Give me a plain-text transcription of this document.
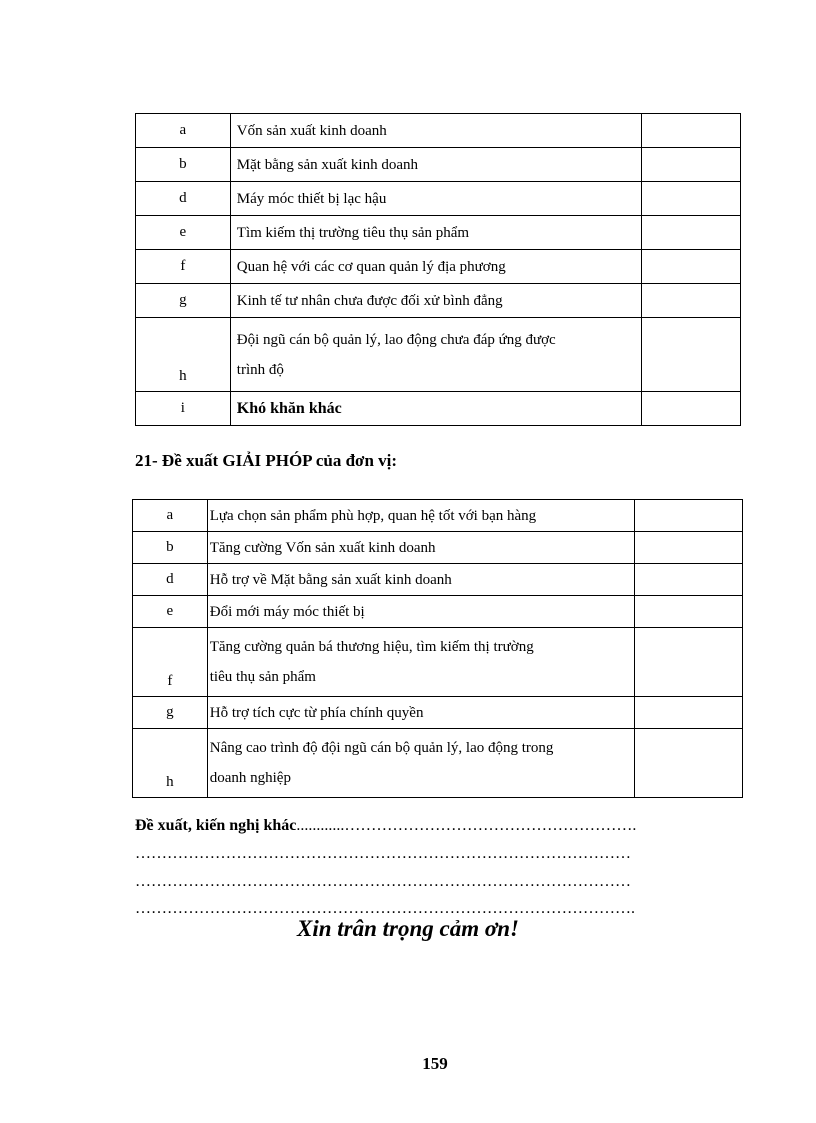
a	Vốn sản xuất kinh doanh	
b	Mặt bằng sản xuất kinh doanh	
d	Máy móc thiết bị lạc hậu	
e	Tìm kiếm thị trường tiêu thụ sản phẩm	
f	Quan hệ với các cơ quan quản lý địa phương	
g	Kinh tế tư nhân chưa được đối xử bình đẳng	
h	Đội ngũ cán bộ quản lý, lao động chưa đáp ứng được
trình độ	

i	Khó khăn khác	
21- Đề xuất GIẢI PHÓP của đơn vị:
a	Lựa chọn sản phẩm phù hợp, quan hệ tốt với bạn hàng	
b	Tăng cường Vốn sản xuất kinh doanh	
d	Hỗ trợ về Mặt bằng sản xuất kinh doanh	
e	Đổi mới máy móc thiết bị	
f	Tăng cường quản bá thương hiệu, tìm kiếm thị trường
tiêu thụ sản phẩm	

g	Hỗ trợ tích cực từ phía chính quyền	
h	Nâng cao trình độ đội ngũ cán bộ quản lý, lao động trong
doanh nghiệp	

Đề xuất, kiến nghị khác............……………………………………………….
…………………………………………………………………………………
…………………………………………………………………………………
………………………………………………………………………………….
Xin trân trọng cảm ơn!
159
